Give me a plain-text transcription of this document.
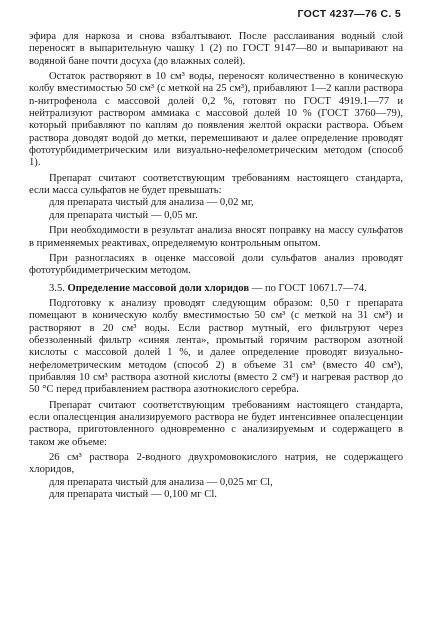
ГОСТ 4237—76 С. 5

эфира для наркоза и снова взбалтывают. После расслаивания водный слой переносят в выпарительную чашку 1 (2) по ГОСТ 9147—80 и выпаривают на водяной бане почти досуха (до влажных солей).

Остаток растворяют в 10 см³ воды, переносят количественно в коническую колбу вместимостью 50 см³ (с меткой на 25 см³), прибавляют 1—2 капли раствора n-нитрофенола с массовой долей 0,2 %, готовят по ГОСТ 4919.1—77 и нейтрализуют раствором аммиака с массовой долей 10 % (ГОСТ 3760—79), который прибавляют по каплям до появления желтой окраски раствора. Объем раствора доводят водой до метки, перемешивают и далее определение проводят фототурбидиметрическим или визуально-нефелометрическим методом (способ 1).

Препарат считают соответствующим требованиям настоящего стандарта, если масса сульфатов не будет превышать:

для препарата чистый для анализа — 0,02 мг,

для препарата чистый — 0,05 мг.

При необходимости в результат анализа вносят поправку на массу сульфатов в применяемых реактивах, определяемую контрольным опытом.

При разногласиях в оценке массовой доли сульфатов анализ проводят фототурбидиметрическим методом.

3.5. Определение массовой доли хлоридов — по ГОСТ 10671.7—74.

Подготовку к анализу проводят следующим образом: 0,50 г препарата помещают в коническую колбу вместимостью 50 см³ (с меткой на 31 см³) и растворяют в 20 см³ воды. Если раствор мутный, его фильтруют через обеззоленный фильтр «синяя лента», промытый горячим раствором азотной кислоты с массовой долей 1 %, и далее определение проводят визуально-нефелометрическим методом (способ 2) в объеме 31 см³ (вместо 40 см³), прибавляя 10 см³ раствора азотной кислоты (вместо 2 см³) и нагревая раствор до 50 °С перед прибавлением раствора азотнокислого серебра.

Препарат считают соответствующим требованиям настоящего стандарта, если опалесценция анализируемого раствора не будет интенсивнее опалесценции раствора, приготовленного одновременно с анализируемым и содержащего в таком же объеме:

26 см³ раствора 2-водного двухромовокислого натрия, не содержащего хлоридов,

для препарата чистый для анализа — 0,025 мг Cl,

для препарата чистый — 0,100 мг Cl.
